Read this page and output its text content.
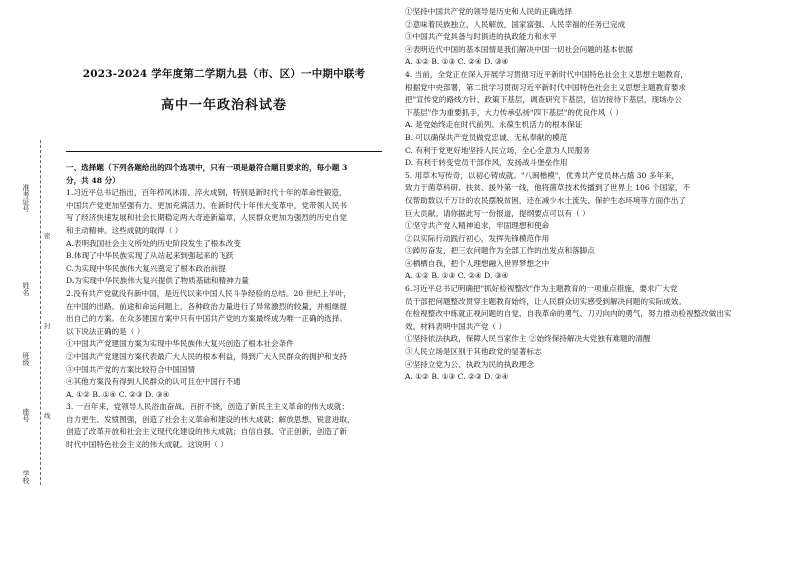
准考证号
姓名
班级
座号
学校
密
封
线
2023-2024 学年度第二学期九县（市、区）一中期中联考
高中一年政治科试卷
一、选择题（下列各题给出的四个选项中，只有一项是最符合题目要求的，每小题 3
分，共 48 分）
1.习近平总书记指出，百年栉风沐雨、淬火成钢，特别是新时代十年的革命性锻造，
中国共产党更加坚强有力、更加充满活力。在新时代十年伟大变革中，党带领人民书
写了经济快速发展和社会长期稳定两大奇迹新篇章，人民群众更加为强烈的历史自觉
和主动精神。这些成就的取得（ ）
A.表明我国社会主义所处的历史阶段发生了根本改变
B.体现了中华民族实现了从站起来到强起来的飞跃
C.为实现中华民族伟大复兴奠定了根本政治前提
D.为实现中华民族伟大复兴提供了物质基础和精神力量
2.没有共产党就没有新中国，是近代以来中国人民斗争经验的总结。20 世纪上半叶，
在中国的出路、前途和命运问题上，各种政治力量进行了异常激烈的较量，并相继提
出自己的方案。在众多建国方案中只有中国共产党的方案最终成为唯一正确的选择。
以下说法正确的是（ ）
①中国共产党建国方案为实现中华民族伟大复兴创造了根本社会条件
②中国共产党建国方案代表最广大人民的根本利益，得到广大人民群众的拥护和支持
③中国共产党的方案比较符合中国国情
④其他方案没有得到人民群众的认可且在中国行不通
A. ①② B. ①④ C. ②③ D. ③④
3. 一百年来，党领导人民浴血奋战、百折不挠，创造了新民主主义革命的伟大成就；
自力更生、发愤图强，创造了社会主义革命和建设的伟大成就；解放思想、锐意进取，
创造了改革开放和社会主义现代化建设的伟大成就；自信自强、守正创新，创造了新
时代中国特色社会主义的伟大成就。这说明（ ）
①坚持中国共产党的领导是历史和人民的正确选择
②意味着民族独立、人民解放，国家富强、人民幸福的任务已完成
③中国共产党具备与时俱进的执政能力和水平
④表明近代中国的基本国情是我们解决中国一切社会问题的基本依据
A. ①② B. ①③ C. ②④ D. ③④
4. 当前，全党正在深入开展学习贯彻习近平新时代中国特色社会主义思想主题教育，
根据党中央部署，第二批学习贯彻习近平新时代中国特色社会主义思想主题教育要求
把"宣传党的路线方针、政策下基层，调查研究下基层，信访接待下基层，现场办公
下基层"作为重要抓手，大力传承弘扬"四下基层"的优良作风（ ）
A. 是党始终走在时代前列、永葆生机活力的根本保证
B. 可以确保共产党员做党忠诚、无私奉献的模范
C. 有利于党更好地坚持人民立场，全心全意为人民服务
D. 有利于转变党员干部作风，发扬战斗堡垒作用
5. 用草木写传奇，以初心铸成就。"八闽楷模"，优秀共产党员林占熺 30 多年来，
致力于菌草科研、扶贫、援外第一线，他将菌草技术传播到了世界上 106 个国家，不
仅帮助数以千万计的农民摆脱贫困，还在减少水土流失、保护生态环境等方面作出了
巨大贡献。请你据此写一份报道，提纲要点可以有（ ）
①坚守共产党人精神追求，牢固理想和使命
②以实际行动践行初心，发挥先锋模范作用
③踔厉奋发，把三农问题作为全部工作的出发点和落脚点
④栖栖自我，把个人理想融入世界梦想之中
A. ①② B. ①③ C. ②④ D. ③④
6.习近平总书记明确把"抓好检视整改"作为主题教育的一项重点措施，要求广大党
员干部把问题整改贯穿主题教育始终，让人民群众切实感受到解决问题的实际成效。
在检视整改中练就正视问题的自觉、自我革命的勇气、刀刃向内的勇气，努力推动检视整改做出实
效。材料表明中国共产党（ ）
①坚持依法执政，保障人民当家作主 ②始终保持解决大党独有难题的清醒
③人民立场是区别于其他政党的显著标志
④坚持立党为公、执政为民的执政理念
A. ①② B. ①③ C. ②③ D. ②④
